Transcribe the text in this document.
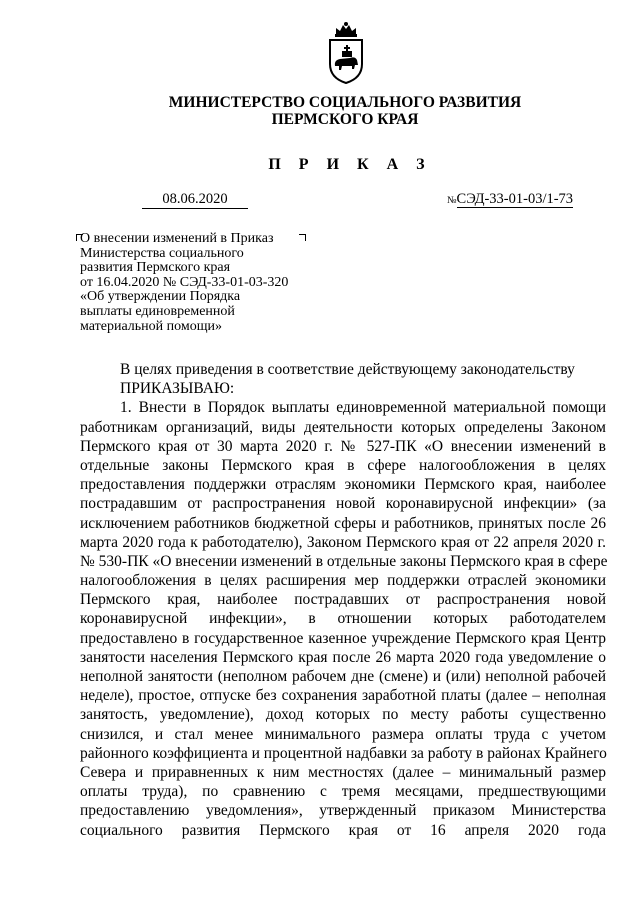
МИНИСТЕРСТВО СОЦИАЛЬНОГО РАЗВИТИЯ
ПЕРМСКОГО КРАЯ
П Р И К А З
08.06.2020	№СЭД-33-01-03/1-73
О внесении изменений в Приказ
Министерства социального
развития Пермского края
от 16.04.2020 № СЭД-33-01-03-320
«Об утверждении Порядка
выплаты единовременной
материальной помощи»
В целях приведения в соответствие действующему законодательству
ПРИКАЗЫВАЮ:
1. Внести в Порядок выплаты единовременной материальной помощи
работникам организаций, виды деятельности которых определены Законом
Пермского края от 30 марта 2020 г. № 527-ПК «О внесении изменений в
отдельные законы Пермского края в сфере налогообложения в целях
предоставления поддержки отраслям экономики Пермского края, наиболее
пострадавшим от распространения новой коронавирусной инфекции» (за
исключением работников бюджетной сферы и работников, принятых после 26
марта 2020 года к работодателю), Законом Пермского края от 22 апреля 2020 г.
№ 530-ПК «О внесении изменений в отдельные законы Пермского края в сфере
налогообложения в целях расширения мер поддержки отраслей экономики
Пермского края, наиболее пострадавших от распространения новой
коронавирусной инфекции», в отношении которых работодателем
предоставлено в государственное казенное учреждение Пермского края Центр
занятости населения Пермского края после 26 марта 2020 года уведомление о
неполной занятости (неполном рабочем дне (смене) и (или) неполной рабочей
неделе), простое, отпуске без сохранения заработной платы (далее – неполная
занятость, уведомление), доход которых по месту работы существенно
снизился, и стал менее минимального размера оплаты труда с учетом
районного коэффициента и процентной надбавки за работу в районах Крайнего
Севера и приравненных к ним местностях (далее – минимальный размер
оплаты труда), по сравнению с тремя месяцами, предшествующими
предоставлению уведомления», утвержденный приказом Министерства
социального развития Пермского края от 16 апреля 2020 года
